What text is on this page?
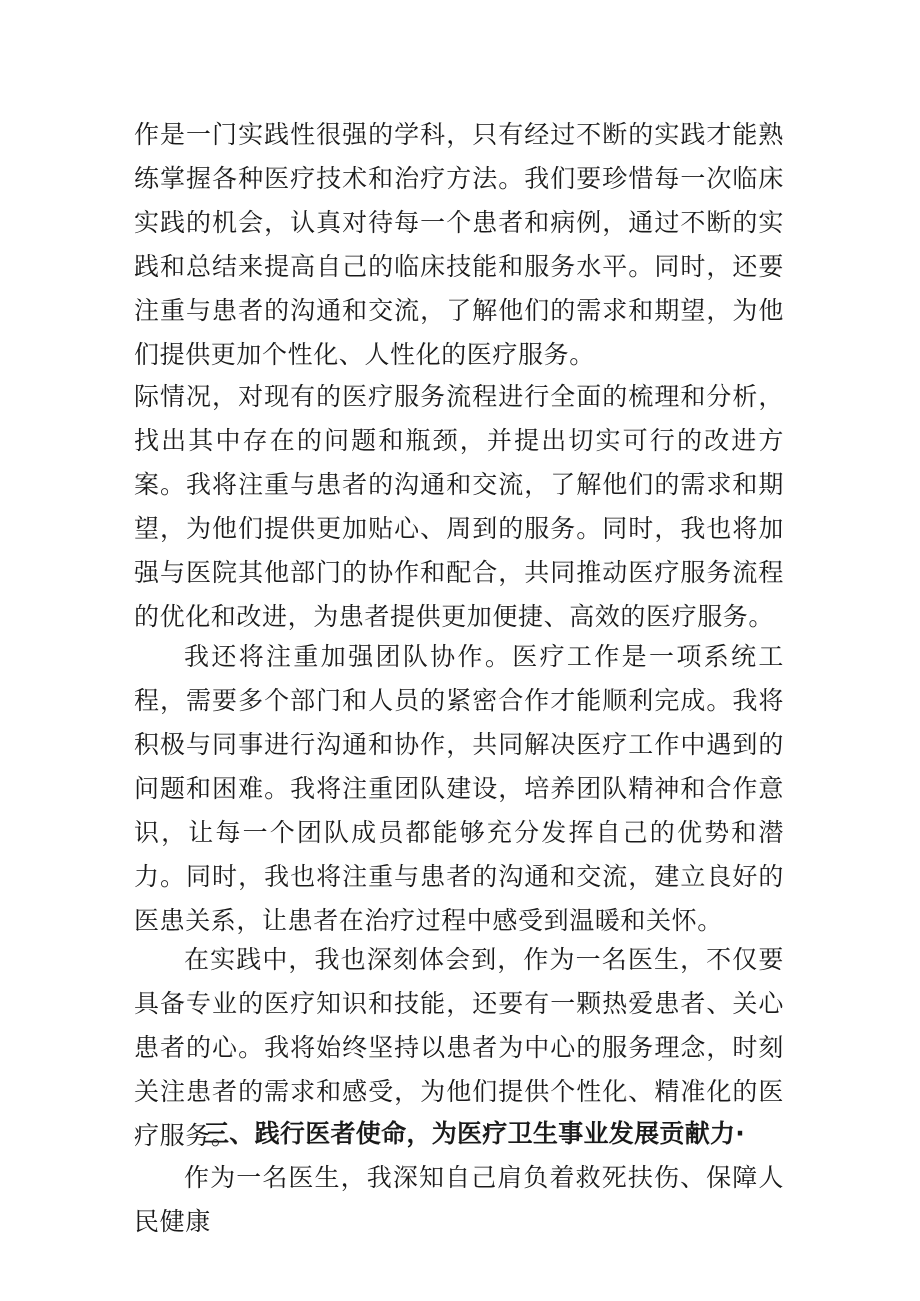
作是一门实践性很强的学科，只有经过不断的实践才能熟练掌握各种医疗技术和治疗方法。我们要珍惜每一次临床实践的机会，认真对待每一个患者和病例，通过不断的实践和总结来提高自己的临床技能和服务水平。同时，还要注重与患者的沟通和交流，了解他们的需求和期望，为他们提供更加个性化、人性化的医疗服务。

际情况，对现有的医疗服务流程进行全面的梳理和分析，找出其中存在的问题和瓶颈，并提出切实可行的改进方案。我将注重与患者的沟通和交流，了解他们的需求和期望，为他们提供更加贴心、周到的服务。同时，我也将加强与医院其他部门的协作和配合，共同推动医疗服务流程的优化和改进，为患者提供更加便捷、高效的医疗服务。

我还将注重加强团队协作。医疗工作是一项系统工程，需要多个部门和人员的紧密合作才能顺利完成。我将积极与同事进行沟通和协作，共同解决医疗工作中遇到的问题和困难。我将注重团队建设，培养团队精神和合作意识，让每一个团队成员都能够充分发挥自己的优势和潜力。同时，我也将注重与患者的沟通和交流，建立良好的医患关系，让患者在治疗过程中感受到温暖和关怀。

在实践中，我也深刻体会到，作为一名医生，不仅要具备专业的医疗知识和技能，还要有一颗热爱患者、关心患者的心。我将始终坚持以患者为中心的服务理念，时刻关注患者的需求和感受，为他们提供个性化、精准化的医疗服务。

三、践行医者使命，为医疗卫生事业发展贡献力·

作为一名医生，我深知自己肩负着救死扶伤、保障人民健康
